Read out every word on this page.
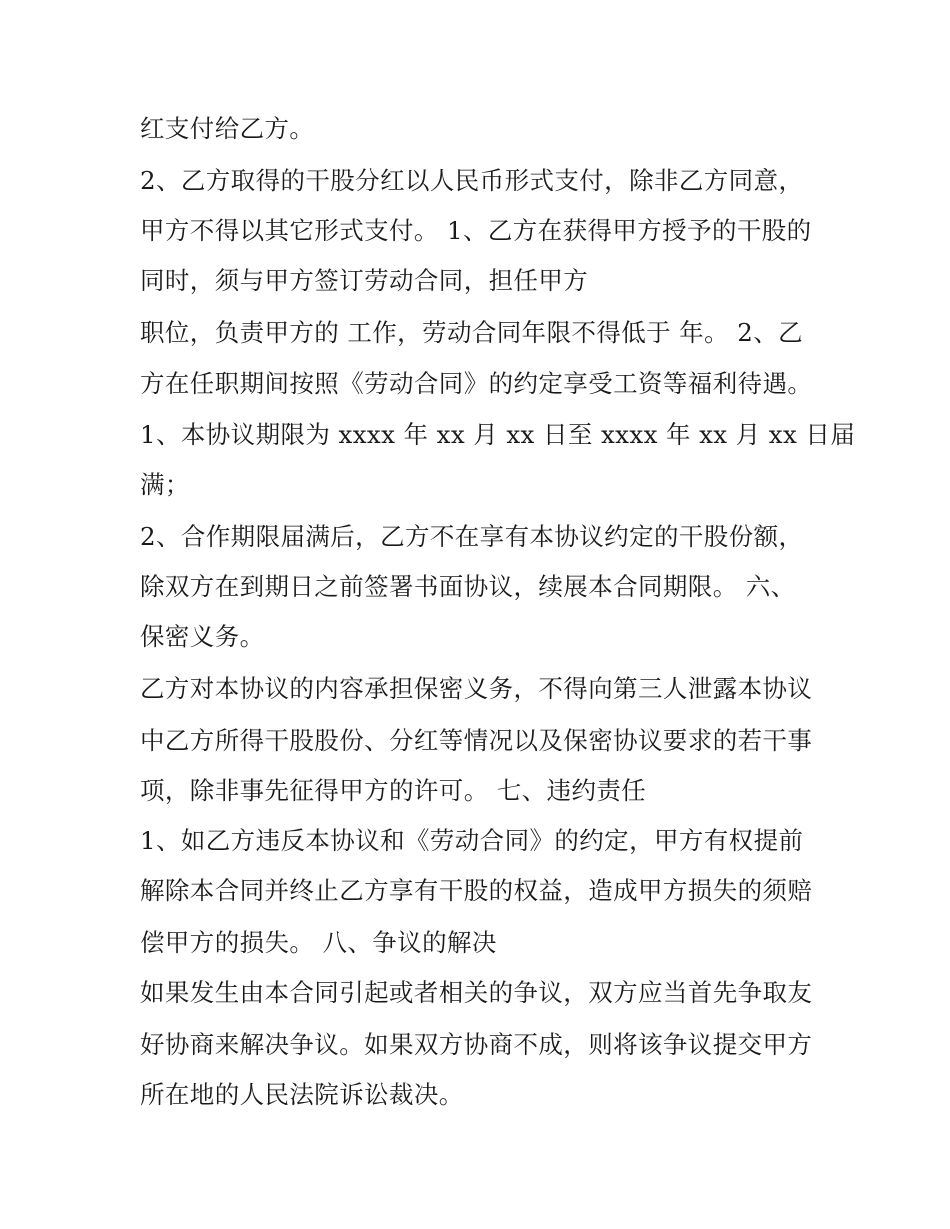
红支付给乙方。

2、乙方取得的干股分红以人民币形式支付，除非乙方同意，

甲方不得以其它形式支付。 1、乙方在获得甲方授予的干股的

同时，须与甲方签订劳动合同，担任甲方

职位，负责甲方的 工作，劳动合同年限不得低于 年。 2、乙

方在任职期间按照《劳动合同》的约定享受工资等福利待遇。

1、本协议期限为 xxxx 年 xx 月 xx 日至 xxxx 年 xx 月 xx 日届

满；

2、合作期限届满后，乙方不在享有本协议约定的干股份额，

除双方在到期日之前签署书面协议，续展本合同期限。 六、

保密义务。

乙方对本协议的内容承担保密义务，不得向第三人泄露本协议

中乙方所得干股股份、分红等情况以及保密协议要求的若干事

项，除非事先征得甲方的许可。 七、违约责任

1、如乙方违反本协议和《劳动合同》的约定，甲方有权提前

解除本合同并终止乙方享有干股的权益，造成甲方损失的须赔

偿甲方的损失。 八、争议的解决

如果发生由本合同引起或者相关的争议，双方应当首先争取友

好协商来解决争议。如果双方协商不成，则将该争议提交甲方

所在地的人民法院诉讼裁决。
